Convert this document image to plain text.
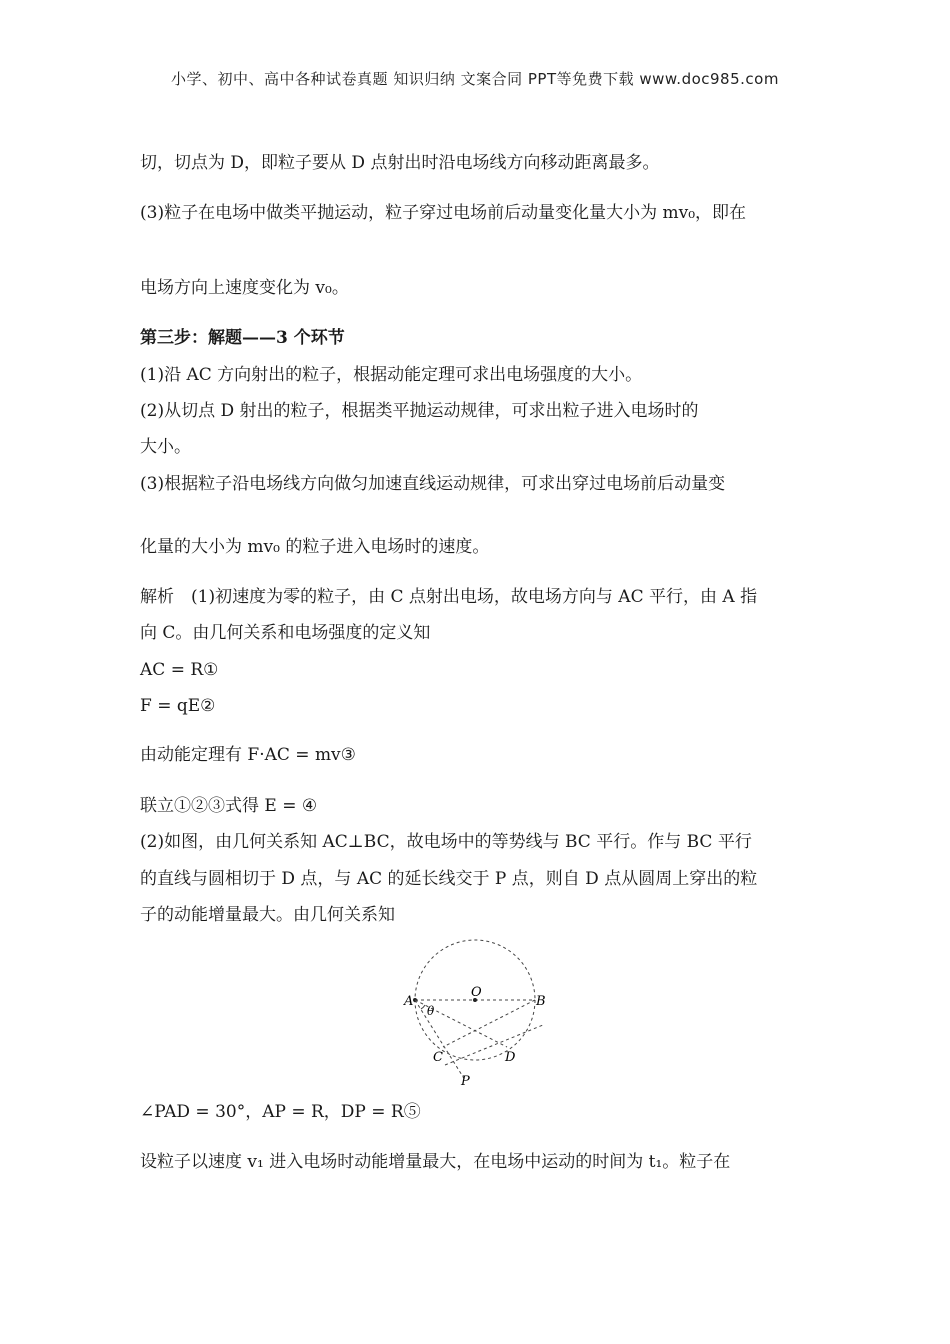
小学、初中、高中各种试卷真题 知识归纳 文案合同 PPT等免费下载 www.doc985.com
切，切点为 D，即粒子要从 D 点射出时沿电场线方向移动距离最多。
(3)粒子在电场中做类平抛运动，粒子穿过电场前后动量变化量大小为 mv₀，即在
电场方向上速度变化为 v₀。
第三步：解题——3 个环节
(1)沿 AC 方向射出的粒子，根据动能定理可求出电场强度的大小。
(2)从切点 D 射出的粒子，根据类平抛运动规律，可求出粒子进入电场时的
大小。
(3)根据粒子沿电场线方向做匀加速直线运动规律，可求出穿过电场前后动量变
化量的大小为 mv₀ 的粒子进入电场时的速度。
解析　(1)初速度为零的粒子，由 C 点射出电场，故电场方向与 AC 平行，由 A 指
向 C。由几何关系和电场强度的定义知
AC = R①
F = qE②
由动能定理有 F·AC = mv③
联立①②③式得 E = ④
(2)如图，由几何关系知 AC⊥BC，故电场中的等势线与 BC 平行。作与 BC 平行
的直线与圆相切于 D 点，与 AC 的延长线交于 P 点，则自 D 点从圆周上穿出的粒
子的动能增量最大。由几何关系知
∠PAD = 30°，AP = R，DP = R⑤
设粒子以速度 v₁ 进入电场时动能增量最大，在电场中运动的时间为 t₁。粒子在
A
O
B
θ
C	D
P
